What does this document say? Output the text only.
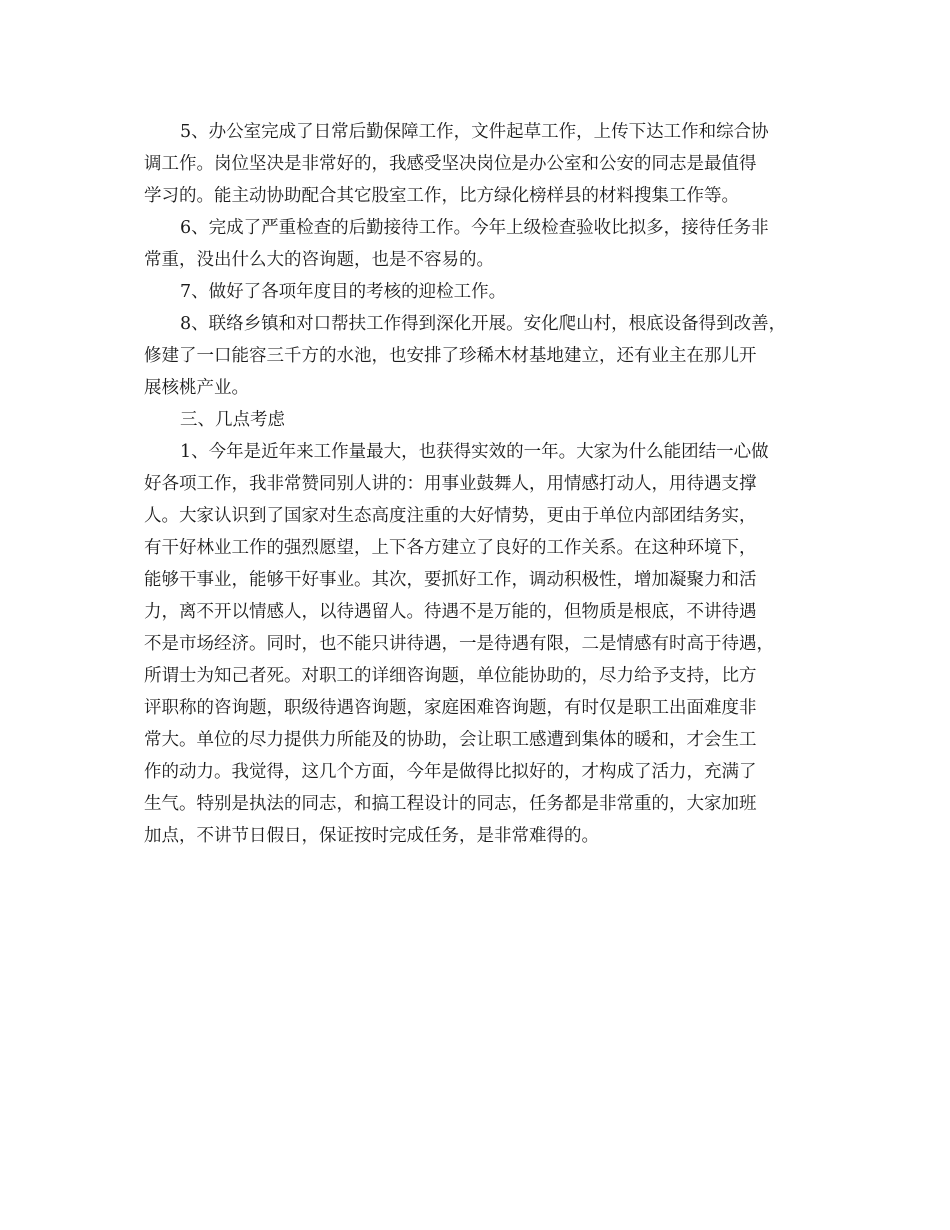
5、办公室完成了日常后勤保障工作，文件起草工作，上传下达工作和综合协
调工作。岗位坚决是非常好的，我感受坚决岗位是办公室和公安的同志是最值得
学习的。能主动协助配合其它股室工作，比方绿化榜样县的材料搜集工作等。
6、完成了严重检查的后勤接待工作。今年上级检查验收比拟多，接待任务非
常重，没出什么大的咨询题，也是不容易的。
7、做好了各项年度目的考核的迎检工作。
8、联络乡镇和对口帮扶工作得到深化开展。安化爬山村，根底设备得到改善，
修建了一口能容三千方的水池，也安排了珍稀木材基地建立，还有业主在那儿开
展核桃产业。
三、几点考虑
1、今年是近年来工作量最大，也获得实效的一年。大家为什么能团结一心做
好各项工作，我非常赞同别人讲的：用事业鼓舞人，用情感打动人，用待遇支撑
人。大家认识到了国家对生态高度注重的大好情势，更由于单位内部团结务实，
有干好林业工作的强烈愿望，上下各方建立了良好的工作关系。在这种环境下，
能够干事业，能够干好事业。其次，要抓好工作，调动积极性，增加凝聚力和活
力，离不开以情感人，以待遇留人。待遇不是万能的，但物质是根底，不讲待遇
不是市场经济。同时，也不能只讲待遇，一是待遇有限，二是情感有时高于待遇，
所谓士为知己者死。对职工的详细咨询题，单位能协助的，尽力给予支持，比方
评职称的咨询题，职级待遇咨询题，家庭困难咨询题，有时仅是职工出面难度非
常大。单位的尽力提供力所能及的协助，会让职工感遭到集体的暖和，才会生工
作的动力。我觉得，这几个方面，今年是做得比拟好的，才构成了活力，充满了
生气。特别是执法的同志，和搞工程设计的同志，任务都是非常重的，大家加班
加点，不讲节日假日，保证按时完成任务，是非常难得的。
